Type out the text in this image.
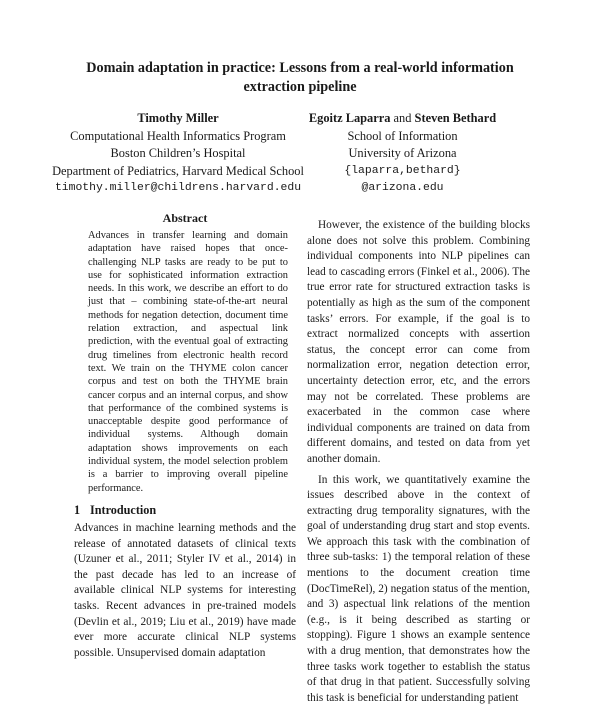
Domain adaptation in practice: Lessons from a real-world information extraction pipeline
Timothy Miller
Computational Health Informatics Program
Boston Children’s Hospital
Department of Pediatrics, Harvard Medical School
timothy.miller@childrens.harvard.edu
Egoitz Laparra and Steven Bethard
School of Information
University of Arizona
{laparra,bethard}
@arizona.edu
Abstract

Advances in transfer learning and domain adaptation have raised hopes that once-challenging NLP tasks are ready to be put to use for sophisticated information extraction needs. In this work, we describe an effort to do just that – combining state-of-the-art neural methods for negation detection, document time relation extraction, and aspectual link prediction, with the eventual goal of extracting drug timelines from electronic health record text. We train on the THYME colon cancer corpus and test on both the THYME brain cancer corpus and an internal corpus, and show that performance of the combined systems is unacceptable despite good performance of individual systems. Although domain adaptation shows improvements on each individual system, the model selection problem is a barrier to improving overall pipeline performance.

1 Introduction

Advances in machine learning methods and the release of annotated datasets of clinical texts (Uzuner et al., 2011; Styler IV et al., 2014) in the past decade has led to an increase of available clinical NLP systems for interesting tasks. Recent advances in pre-trained models (Devlin et al., 2019; Liu et al., 2019) have made ever more accurate clinical NLP systems possible. Unsupervised domain adaptation

However, the existence of the building blocks alone does not solve this problem. Combining individual components into NLP pipelines can lead to cascading errors (Finkel et al., 2006). The true error rate for structured extraction tasks is potentially as high as the sum of the component tasks’ errors. For example, if the goal is to extract normalized concepts with assertion status, the concept error can come from normalization error, negation detection error, uncertainty detection error, etc, and the errors may not be correlated. These problems are exacerbated in the common case where individual components are trained on data from different domains, and tested on data from yet another domain.

In this work, we quantitatively examine the issues described above in the context of extracting drug temporality signatures, with the goal of understanding drug start and stop events. We approach this task with the combination of three sub-tasks: 1) the temporal relation of these mentions to the document creation time (DocTimeRel), 2) negation status of the mention, and 3) aspectual link relations of the mention (e.g., is it being described as starting or stopping). Figure 1 shows an example sentence with a drug mention, that demonstrates how the three tasks work together to establish the status of that drug in that patient. Successfully solving this task is beneficial for understanding patient
